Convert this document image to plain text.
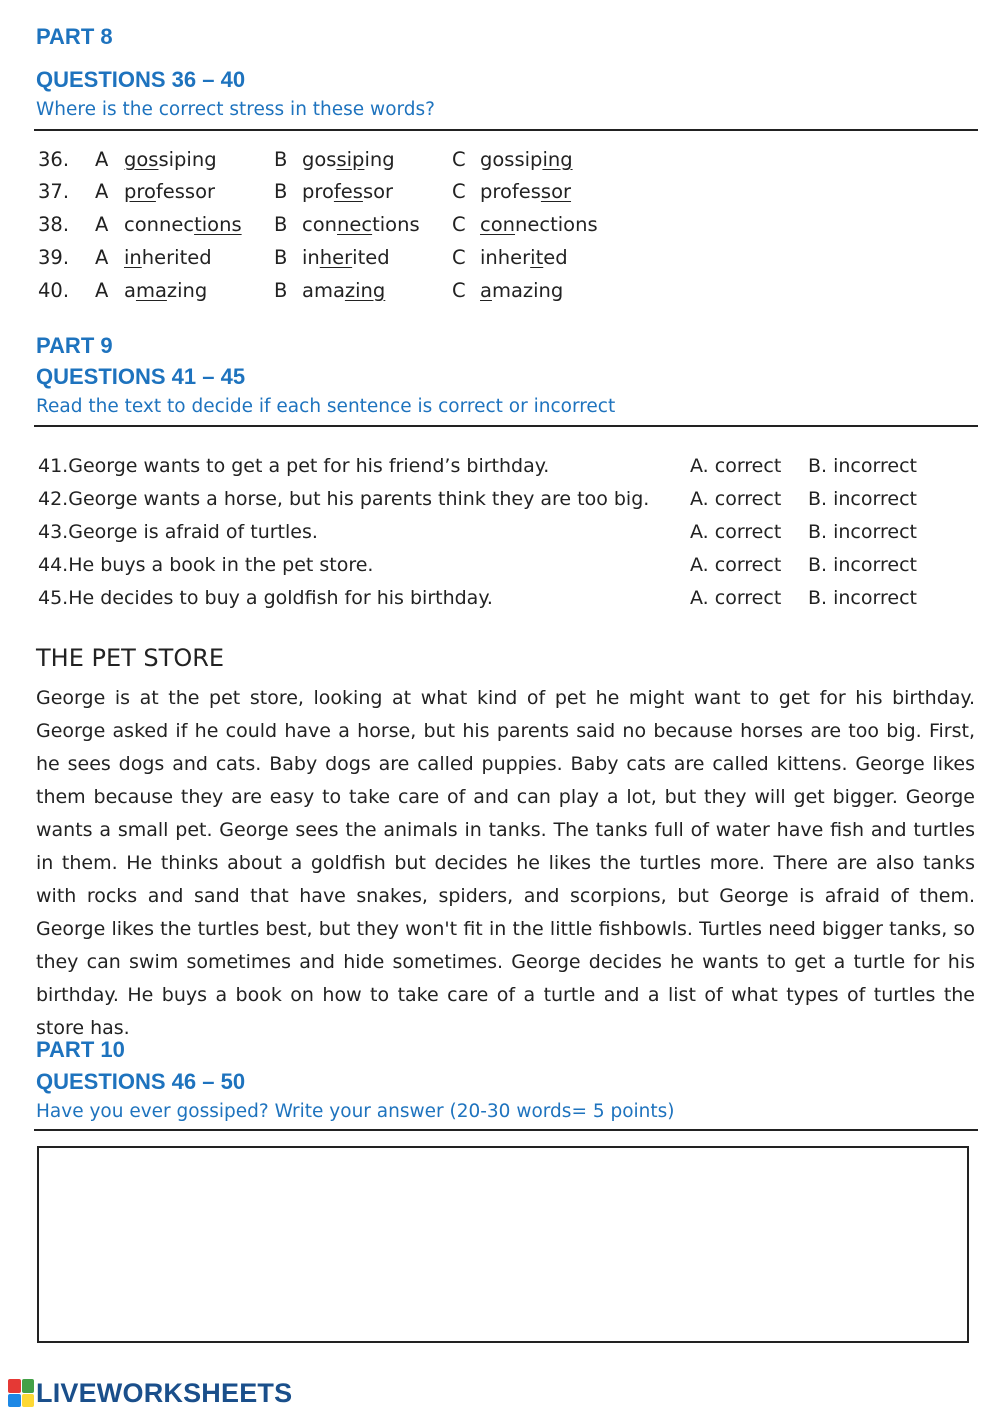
PART 8
QUESTIONS 36 – 40

Where is the correct stress in these words?

36. A gossiping	B gossiping	C gossiping
37. A professor	B professor	C professor
38. A connections B connections C connections
39. A inherited	B inherited	C inherited
40. A amazing	B amazing	C amazing
PART 9
QUESTIONS 41 – 45

Read the text to decide if each sentence is correct or incorrect

41.George wants to get a pet for his friend’s birthday.	A. correct B. incorrect
42.George wants a horse, but his parents think they are too big. A. correct B. incorrect
43.George is afraid of turtles.	A. correct B. incorrect
44.He buys a book in the pet store.	A. correct B. incorrect
45.He decides to buy a goldfish for his birthday.	A. correct B. incorrect
THE PET STORE

George is at the pet store, looking at what kind of pet he might want to get for his birthday. George asked if he could have a horse, but his parents said no because horses are too big. First, he sees dogs and cats. Baby dogs are called puppies. Baby cats are called kittens. George likes them because they are easy to take care of and can play a lot, but they will get bigger. George wants a small pet. George sees the animals in tanks. The tanks full of water have fish and turtles in them. He thinks about a goldfish but decides he likes the turtles more. There are also tanks with rocks and sand that have snakes, spiders, and scorpions, but George is afraid of them. George likes the turtles best, but they won't fit in the little fishbowls. Turtles need bigger tanks, so they can swim sometimes and hide sometimes. George decides he wants to get a turtle for his birthday. He buys a book on how to take care of a turtle and a list of what types of turtles the store has.

PART 10
QUESTIONS 46 – 50

Have you ever gossiped? Write your answer (20-30 words= 5 points)

LIVEWORKSHEETS
